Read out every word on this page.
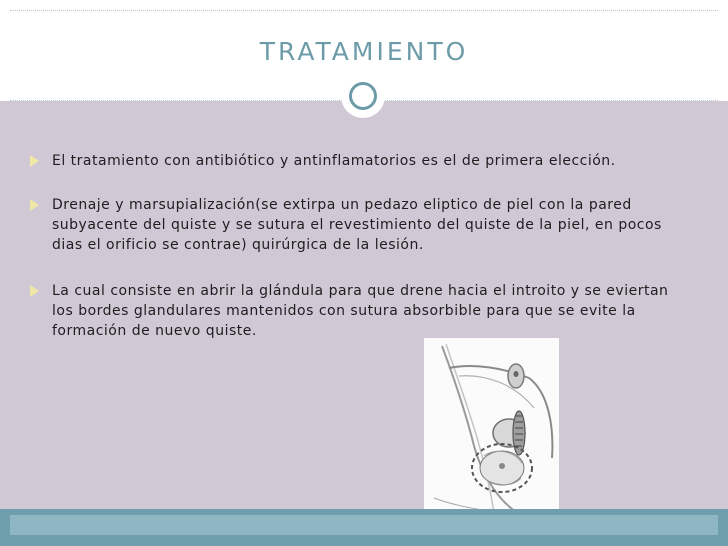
TRATAMIENTO
El tratamiento con antibiótico y antinflamatorios es el de primera elección.
Drenaje y marsupialización(se extirpa un pedazo eliptico de piel con la pared
subyacente del quiste y se sutura el revestimiento del quiste de la piel, en pocos
dias el orificio se contrae) quirúrgica de la lesión.
La cual consiste en abrir la glándula para que drene hacia el introito y se eviertan
los bordes glandulares mantenidos con sutura absorbible para que se evite la
formación de nuevo quiste.
